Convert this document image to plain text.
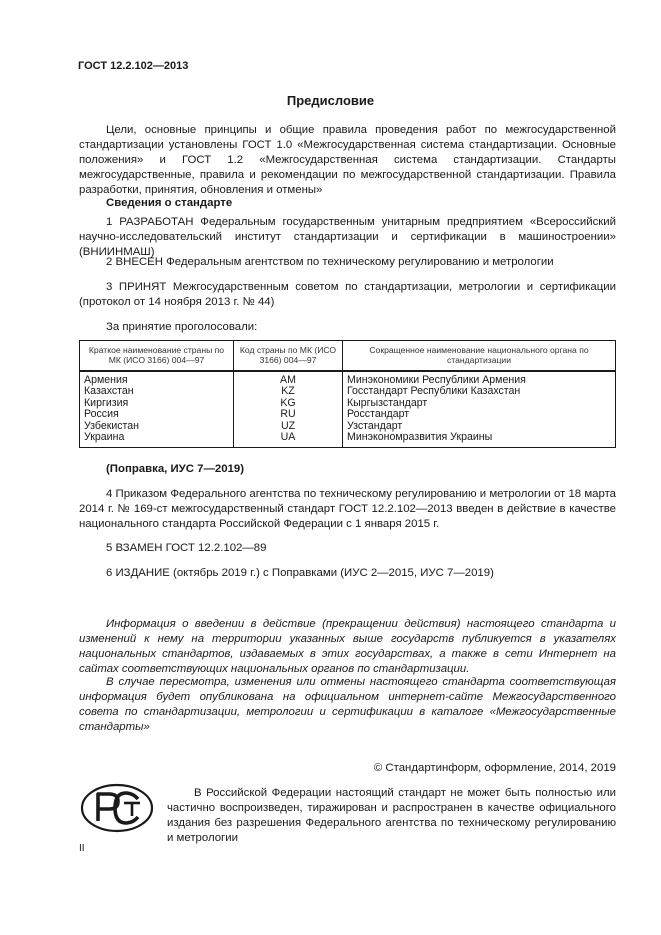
ГОСТ 12.2.102—2013
Предисловие
Цели, основные принципы и общие правила проведения работ по межгосударственной стандартизации установлены ГОСТ 1.0 «Межгосударственная система стандартизации. Основные положения» и ГОСТ 1.2 «Межгосударственная система стандартизации. Стандарты межгосударственные, правила и рекомендации по межгосударственной стандартизации. Правила разработки, принятия, обновления и отмены»
Сведения о стандарте
1 РАЗРАБОТАН Федеральным государственным унитарным предприятием «Всероссийский научно-исследовательский институт стандартизации и сертификации в машиностроении» (ВНИИНМАШ)
2 ВНЕСЕН Федеральным агентством по техническому регулированию и метрологии
3 ПРИНЯТ Межгосударственным советом по стандартизации, метрологии и сертификации (протокол от 14 ноября 2013 г. № 44)
За принятие проголосовали:
Краткое наименование страны по МК (ИСО 3166) 004—97	Код страны по МК (ИСО 3166) 004—97	Сокращенное наименование национального органа по стандартизации
Армения	AM	Минэкономики Республики Армения
Казахстан	KZ	Госстандарт Республики Казахстан
Киргизия	KG	Кыргызстандарт
Россия	RU	Росстандарт
Узбекистан	UZ	Узстандарт
Украина	UA	Минэкономразвития Украины
(Поправка, ИУС 7—2019)
4 Приказом Федерального агентства по техническому регулированию и метрологии от 18 марта 2014 г. № 169-ст межгосударственный стандарт ГОСТ 12.2.102—2013 введен в действие в качестве национального стандарта Российской Федерации с 1 января 2015 г.
5 ВЗАМЕН ГОСТ 12.2.102—89
6 ИЗДАНИЕ (октябрь 2019 г.) с Поправками (ИУС 2—2015, ИУС 7—2019)
Информация о введении в действие (прекращении действия) настоящего стандарта и изменений к нему на территории указанных выше государств публикуется в указателях национальных стандартов, издаваемых в этих государствах, а также в сети Интернет на сайтах соответствующих национальных органов по стандартизации.
В случае пересмотра, изменения или отмены настоящего стандарта соответствующая информация будет опубликована на официальном интернет-сайте Межгосударственного совета по стандартизации, метрологии и сертификации в каталоге «Межгосударственные стандарты»
© Стандартинформ, оформление, 2014, 2019
В Российской Федерации настоящий стандарт не может быть полностью или частично воспроизведен, тиражирован и распространен в качестве официального издания без разрешения Федерального агентства по техническому регулированию и метрологии
II
